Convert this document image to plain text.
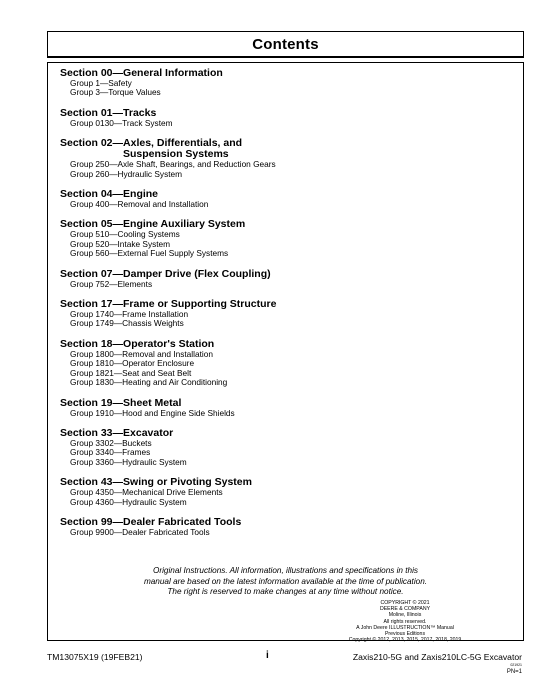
Contents
Section 00—General Information
Group 1—Safety
Group 3—Torque Values
Section 01—Tracks
Group 0130—Track System
Section 02—Axles, Differentials, and
Suspension Systems
Group 250—Axle Shaft, Bearings, and Reduction Gears
Group 260—Hydraulic System
Section 04—Engine
Group 400—Removal and Installation
Section 05—Engine Auxiliary System
Group 510—Cooling Systems
Group 520—Intake System
Group 560—External Fuel Supply Systems
Section 07—Damper Drive (Flex Coupling)
Group 752—Elements
Section 17—Frame or Supporting Structure
Group 1740—Frame Installation
Group 1749—Chassis Weights
Section 18—Operator's Station
Group 1800—Removal and Installation
Group 1810—Operator Enclosure
Group 1821—Seat and Seat Belt
Group 1830—Heating and Air Conditioning
Section 19—Sheet Metal
Group 1910—Hood and Engine Side Shields
Section 33—Excavator
Group 3302—Buckets
Group 3340—Frames
Group 3360—Hydraulic System
Section 43—Swing or Pivoting System
Group 4350—Mechanical Drive Elements
Group 4360—Hydraulic System
Section 99—Dealer Fabricated Tools
Group 9900—Dealer Fabricated Tools
Original Instructions. All information, illustrations and specifications in this
manual are based on the latest information available at the time of publication.
The right is reserved to make changes at any time without notice.
COPYRIGHT © 2021
DEERE & COMPANY
Moline, Illinois
All rights reserved.
A John Deere ILLUSTRUCTION™ Manual
Previous Editions
Copyright © 2012, 2013, 2015, 2017, 2018, 2019
TM13075X19 (19FEB21)	i	Zaxis210-5G and Zaxis210LC-5G Excavator
021921
PN=1
